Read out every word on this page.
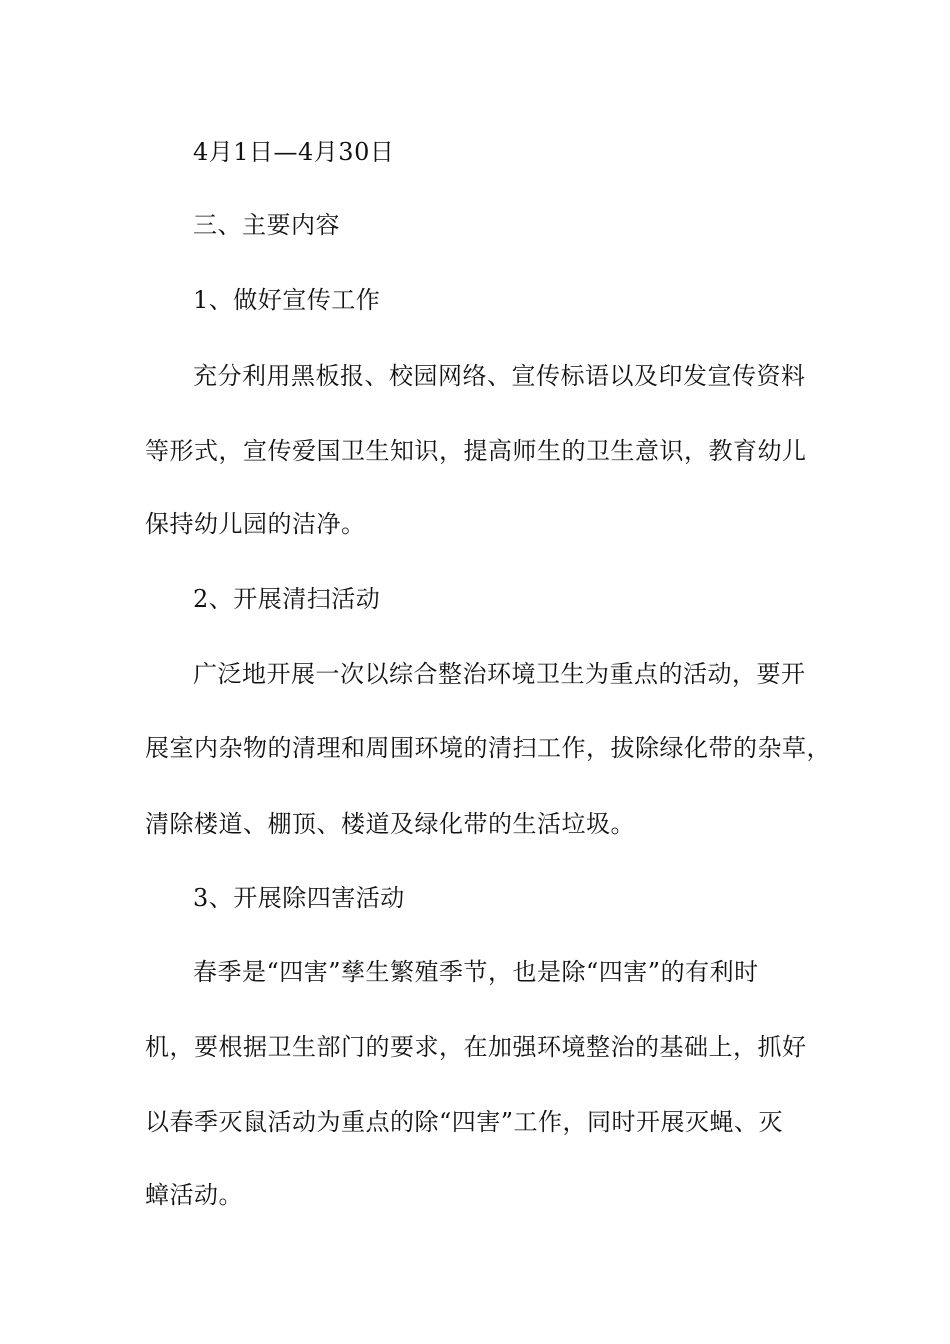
4月1日—4月30日
三、主要内容
1、做好宣传工作
充分利用黑板报、校园网络、宣传标语以及印发宣传资料
等形式，宣传爱国卫生知识，提高师生的卫生意识，教育幼儿
保持幼儿园的洁净。
2、开展清扫活动
广泛地开展一次以综合整治环境卫生为重点的活动，要开
展室内杂物的清理和周围环境的清扫工作，拔除绿化带的杂草，
清除楼道、棚顶、楼道及绿化带的生活垃圾。
3、开展除四害活动
春季是“四害”孳生繁殖季节，也是除“四害”的有利时
机，要根据卫生部门的要求，在加强环境整治的基础上，抓好
以春季灭鼠活动为重点的除“四害”工作，同时开展灭蝇、灭
蟑活动。
